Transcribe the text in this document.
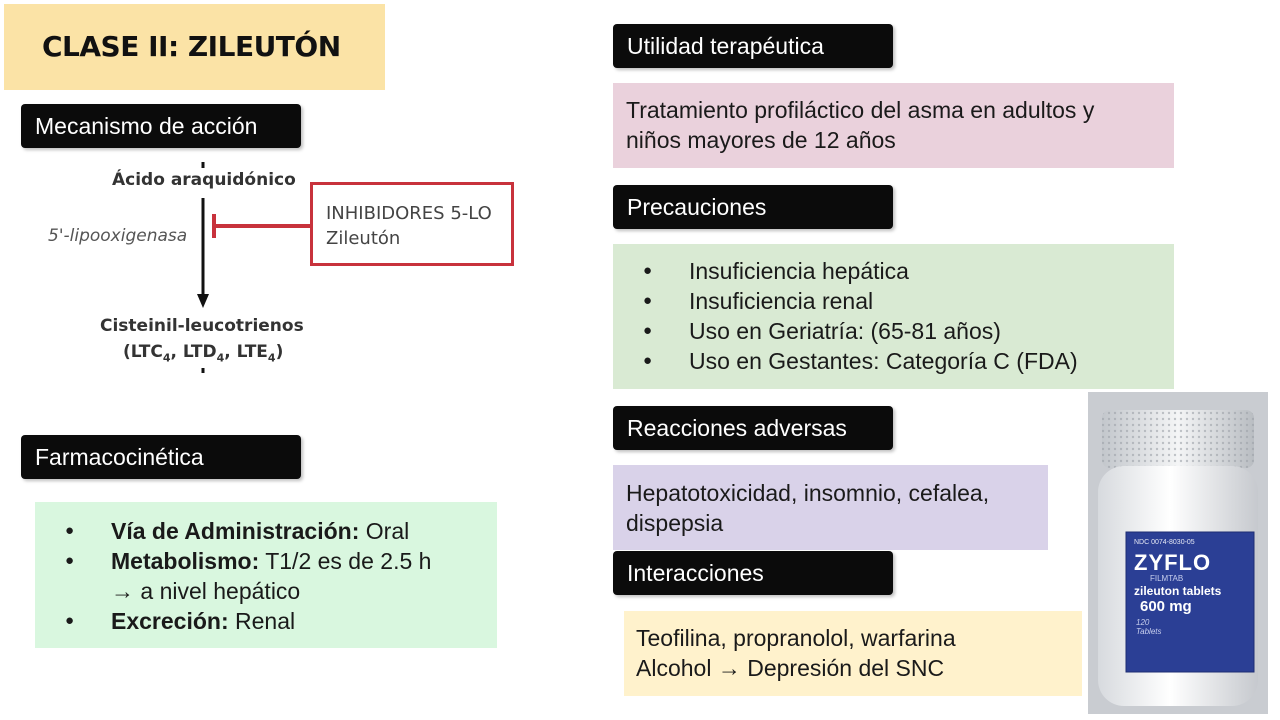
CLASE II: ZILEUTÓN
Mecanismo de acción
Ácido araquidónico
5'-lipooxigenasa
INHIBIDORES 5-LO
Zileutón
Cisteinil-leucotrienos
($LTC_4$, $LTD_4$, $LTE_4$)
Farmacocinética
● Vía de Administración: Oral
● Metabolismo: T1/2 es de 2.5 h
→ a nivel hepático
● Excreción: Renal
Utilidad terapéutica
Tratamiento profiláctico del asma en adultos y
niños mayores de 12 años
Precauciones
● Insuficiencia hepática
● Insuficiencia renal
● Uso en Geriatría: (65-81 años)
● Uso en Gestantes: Categoría C (FDA)
Reacciones adversas
Hepatotoxicidad, insomnio, cefalea,
dispepsia
Interacciones
Teofilina, propranolol, warfarina
Alcohol → Depresión del SNC
NDC 0074-8030-05
ZYFLO
FILMTAB
zileuton tablets
600 mg
120
Tablets
